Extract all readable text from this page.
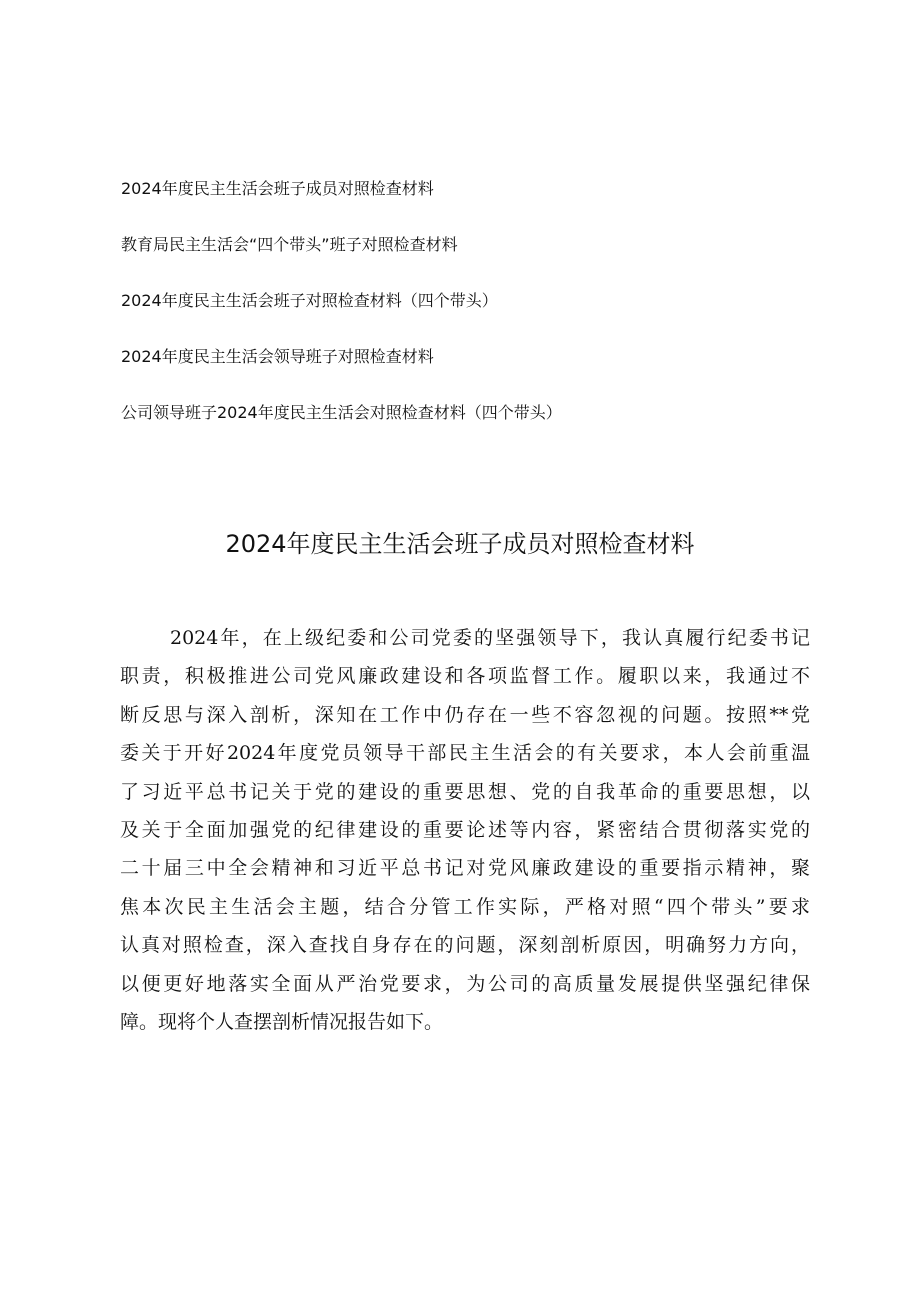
2024年度民主生活会班子成员对照检查材料
教育局民主生活会“四个带头”班子对照检查材料
2024年度民主生活会班子对照检查材料（四个带头）
2024年度民主生活会领导班子对照检查材料
公司领导班子2024年度民主生活会对照检查材料（四个带头）
2024年度民主生活会班子成员对照检查材料
2024年，在上级纪委和公司党委的坚强领导下，我认真履行纪委书记
职责，积极推进公司党风廉政建设和各项监督工作。履职以来，我通过不
断反思与深入剖析，深知在工作中仍存在一些不容忽视的问题。按照**党
委关于开好2024年度党员领导干部民主生活会的有关要求，本人会前重温
了习近平总书记关于党的建设的重要思想、党的自我革命的重要思想，以
及关于全面加强党的纪律建设的重要论述等内容，紧密结合贯彻落实党的
二十届三中全会精神和习近平总书记对党风廉政建设的重要指示精神，聚
焦本次民主生活会主题，结合分管工作实际，严格对照“四个带头”要求
认真对照检查，深入查找自身存在的问题，深刻剖析原因，明确努力方向，
以便更好地落实全面从严治党要求，为公司的高质量发展提供坚强纪律保
障。现将个人查摆剖析情况报告如下。
